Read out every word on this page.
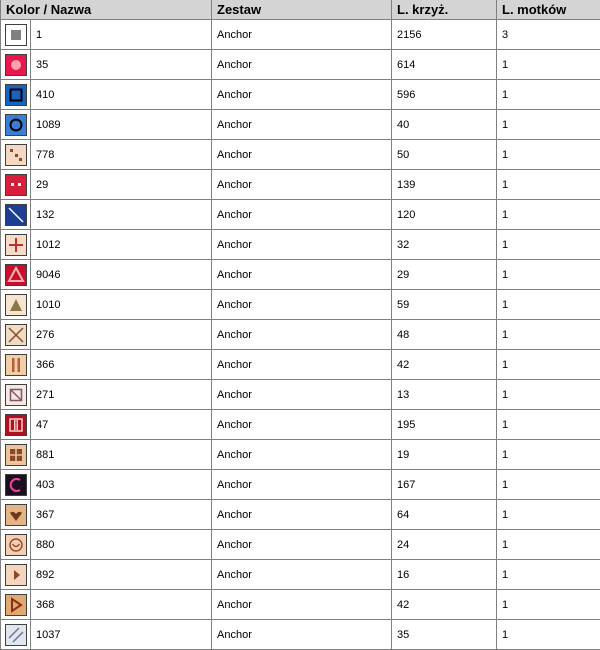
Kolor / Nazwa		Zestaw	L. krzyż.	L. motków

	1	Anchor	2156	3

	35	Anchor	614	1

	410	Anchor	596	1

	1089	Anchor	40	1

	778	Anchor	50	1

	29	Anchor	139	1

	132	Anchor	120	1

	1012	Anchor	32	1

	9046	Anchor	29	1

	1010	Anchor	59	1

	276	Anchor	48	1

	366	Anchor	42	1

	271	Anchor	13	1

	47	Anchor	195	1

	881	Anchor	19	1

	403	Anchor	167	1

	367	Anchor	64	1

	880	Anchor	24	1

	892	Anchor	16	1

	368	Anchor	42	1

	1037	Anchor	35	1
